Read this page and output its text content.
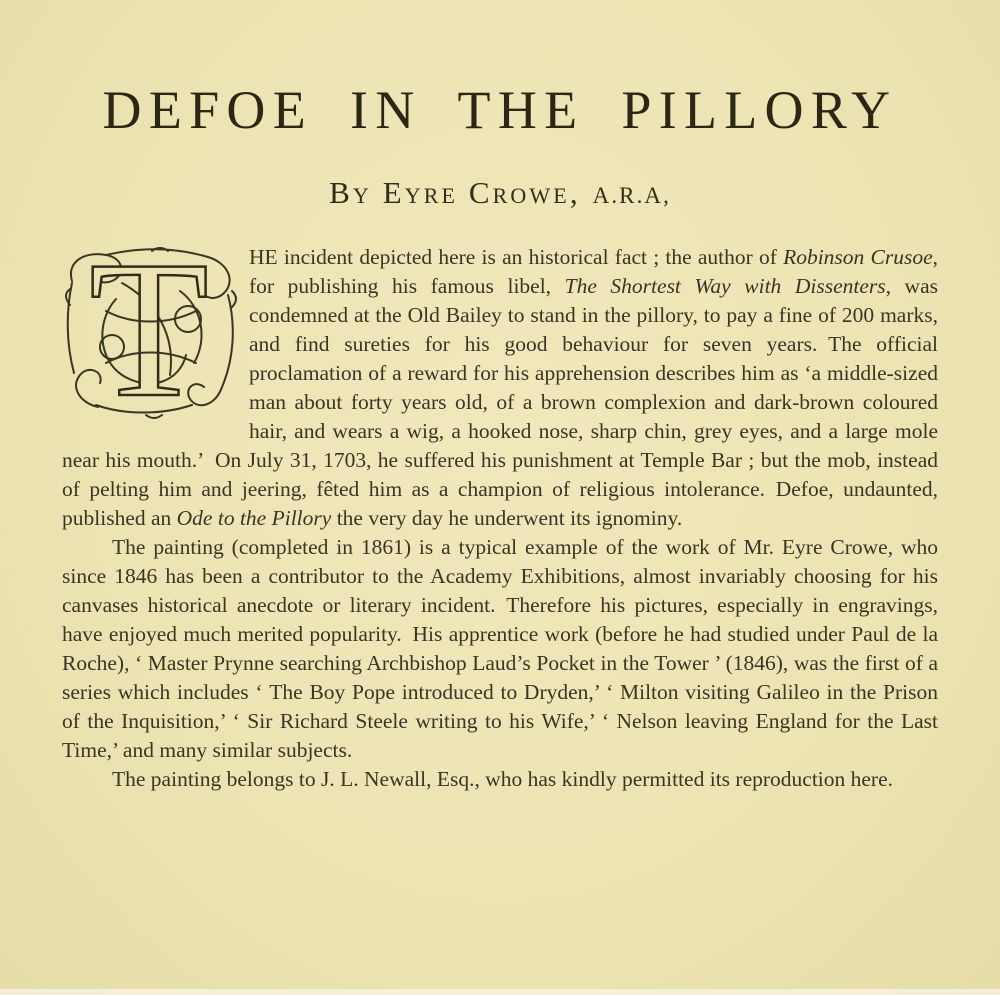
DEFOE IN THE PILLORY
By Eyre Crowe, A.R.A,

T HE incident depicted here is an historical fact ; the author of Robinson Crusoe, for publishing his famous libel, The Shortest Way with Dissenters, was condemned at the Old Bailey to stand in the pillory, to pay a fine of 200 marks, and find sureties for his good behaviour for seven years. The official proclamation of a reward for his apprehension describes him as ‘a middle-sized man about forty years old, of a brown complexion and dark-brown coloured hair, and wears a wig, a hooked nose, sharp chin, grey eyes, and a large mole near his mouth.’ On July 31, 1703, he suffered his punishment at Temple Bar ; but the mob, instead of pelting him and jeering, fêted him as a champion of religious intolerance. Defoe, undaunted, published an Ode to the Pillory the very day he underwent its ignominy.

The painting (completed in 1861) is a typical example of the work of Mr. Eyre Crowe, who since 1846 has been a contributor to the Academy Exhibitions, almost invariably choosing for his canvases historical anecdote or literary incident. Therefore his pictures, especially in engravings, have enjoyed much merited popularity. His apprentice work (before he had studied under Paul de la Roche), ‘ Master Prynne searching Archbishop Laud’s Pocket in the Tower ’ (1846), was the first of a series which includes ‘ The Boy Pope introduced to Dryden,’ ‘ Milton visiting Galileo in the Prison of the Inquisition,’ ‘ Sir Richard Steele writing to his Wife,’ ‘ Nelson leaving England for the Last Time,’ and many similar subjects.

The painting belongs to J. L. Newall, Esq., who has kindly permitted its reproduction here.
